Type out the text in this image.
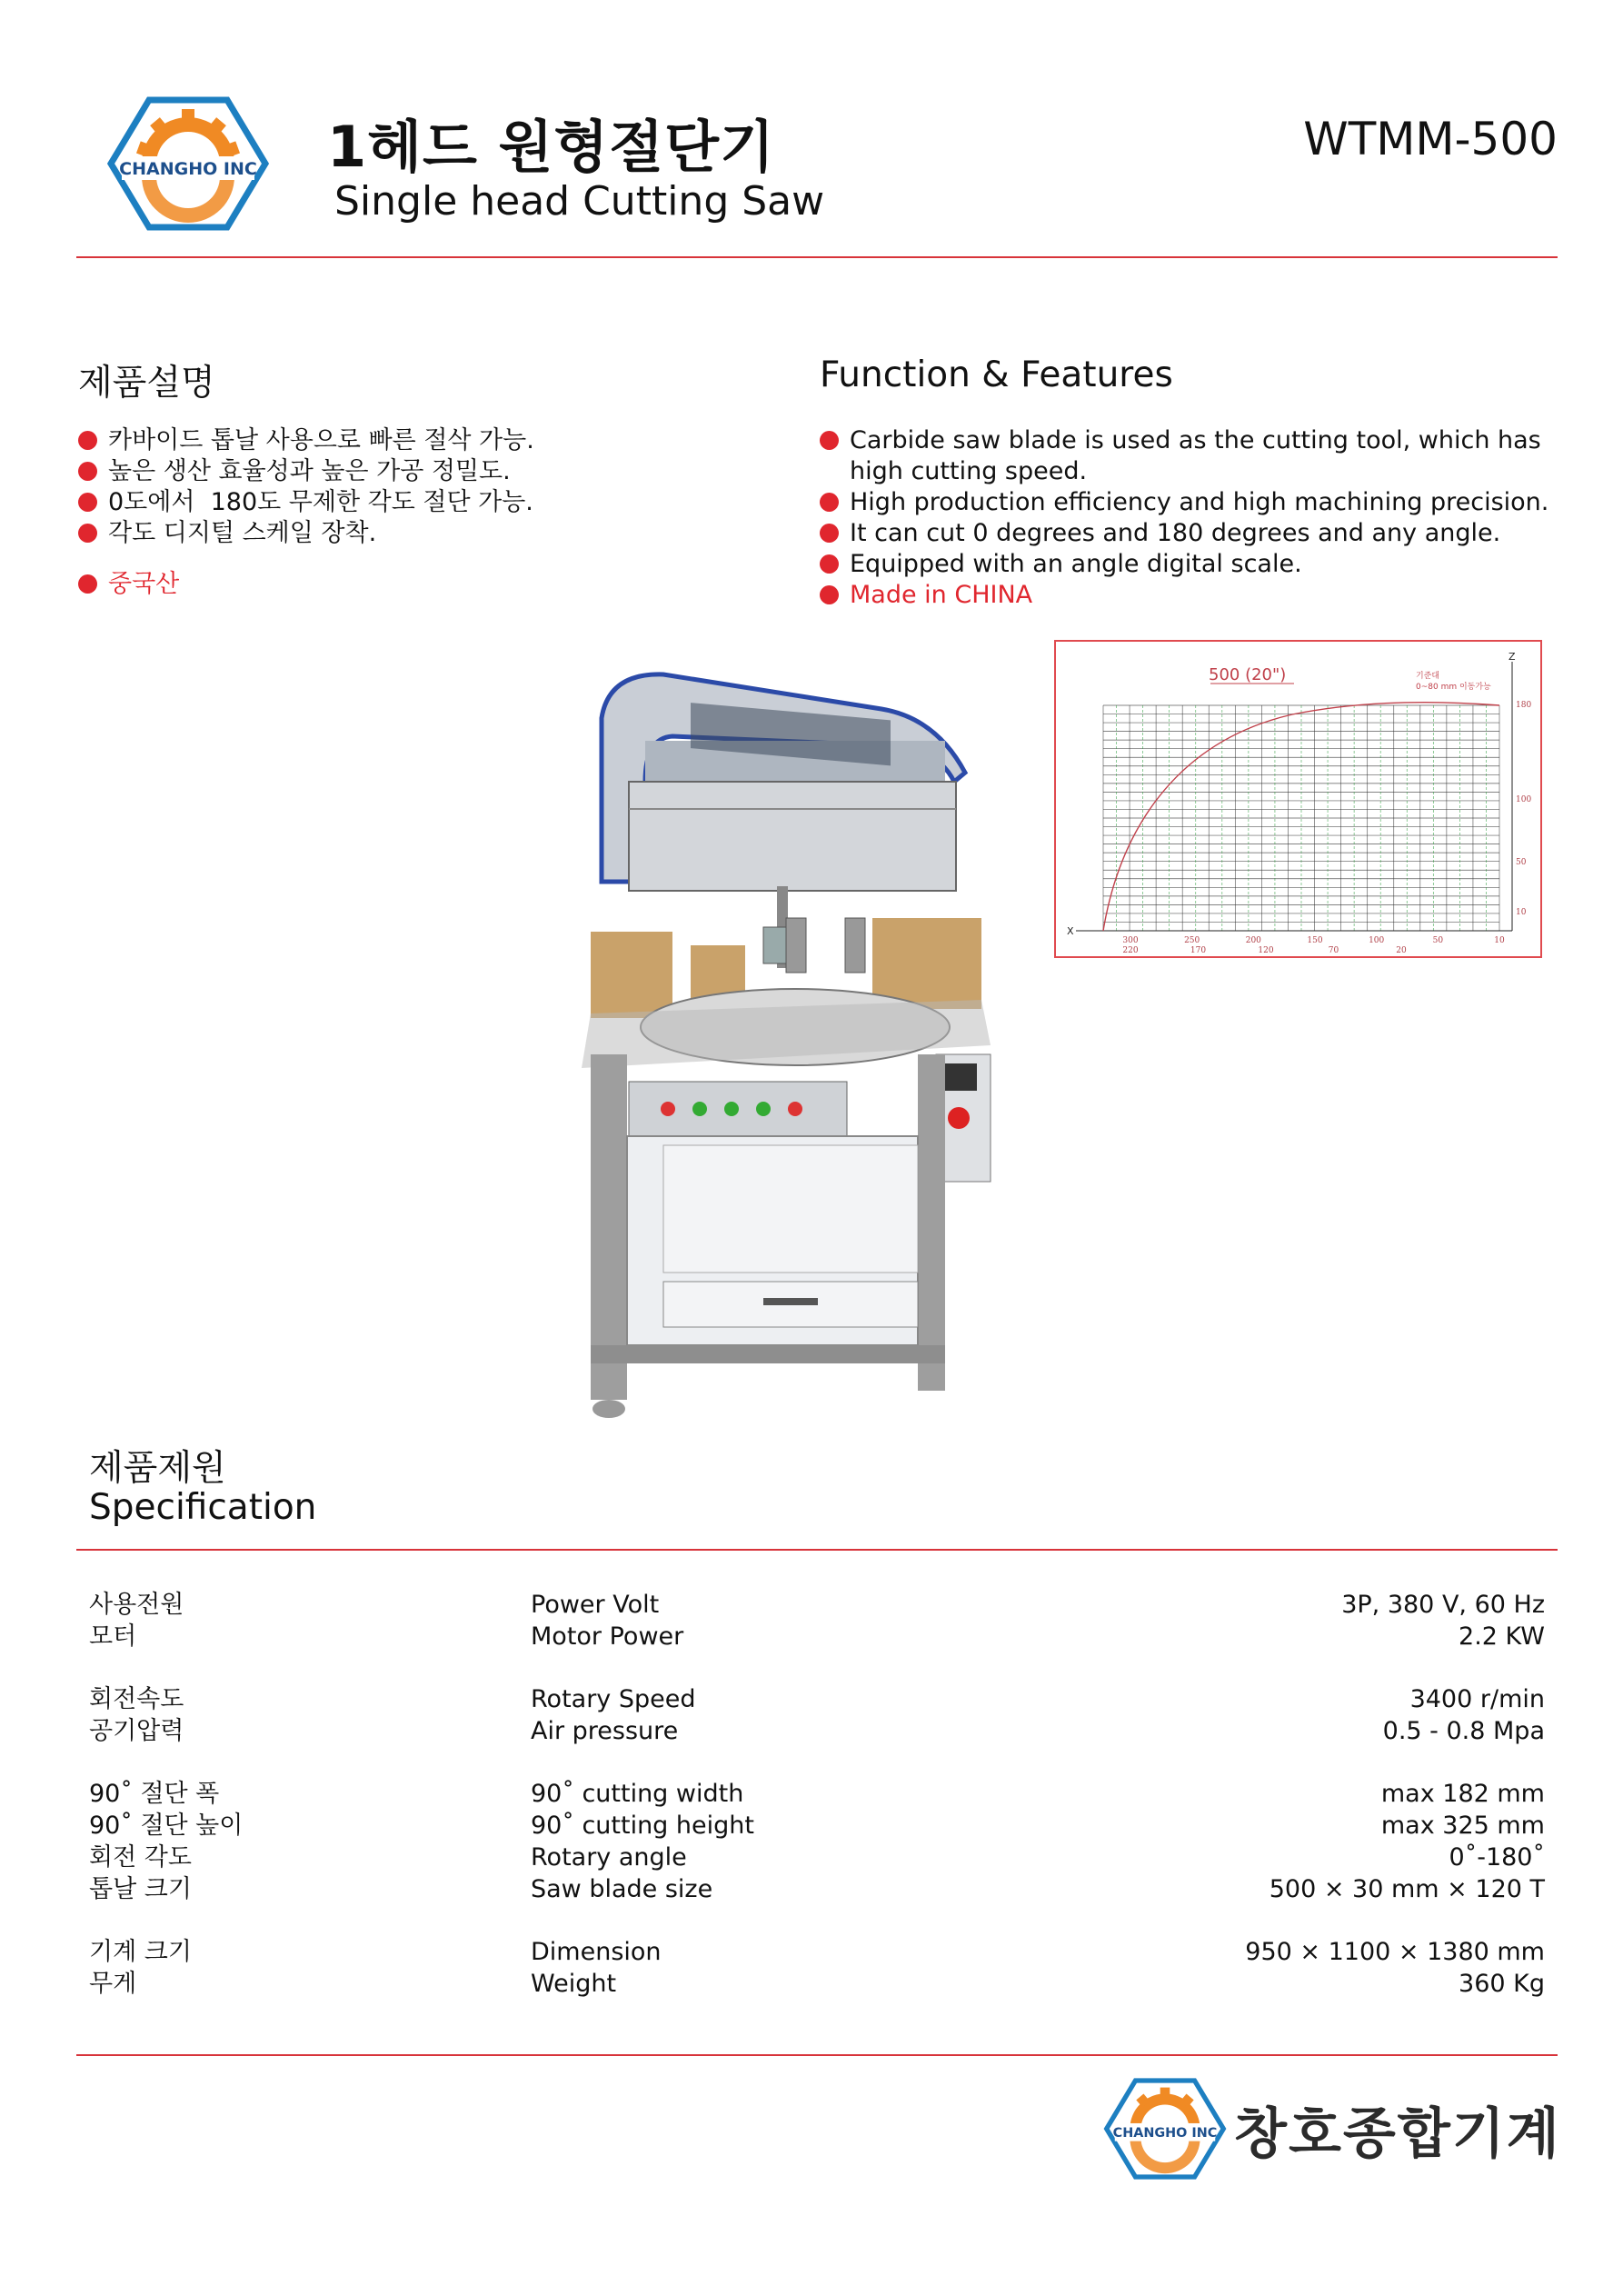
CHANGHO INC 1헤드 원형절단기
Single head Cutting Saw
WTMM-500
제품설명
카바이드 톱날 사용으로 빠른 절삭 가능.
높은 생산 효율성과 높은 가공 정밀도.
0도에서  180도 무제한 각도 절단 가능.
각도 디지털 스케일 장착.
중국산
Function & Features
Carbide saw blade is used as the cutting tool, which has high cutting speed.
High production efficiency and high machining precision.
It can cut 0 degrees and 180 degrees and any angle.
Equipped with an angle digital scale.
Made in CHINA
X
Z
500 (20")	기준대
0~80 mm 이동가능
300	250	200	150	100	50	10
220	170	120	70	20
180
100
50
10
제품제원
Specification
사용전원	Power Volt	3P, 380 V, 60 Hz
모터	Motor Power	2.2 KW
회전속도	Rotary Speed	3400 r/min
공기압력	Air pressure	0.5 - 0.8 Mpa
90˚ 절단 폭	90˚ cutting width	max 182 mm
90˚ 절단 높이	90˚ cutting height	max 325 mm
회전 각도	Rotary angle	0˚-180˚
톱날 크기	Saw blade size	500 × 30 mm × 120 T
기계 크기	Dimension	950 × 1100 × 1380 mm
무게	Weight	360 Kg
CHANGHO INC 창호종합기계
